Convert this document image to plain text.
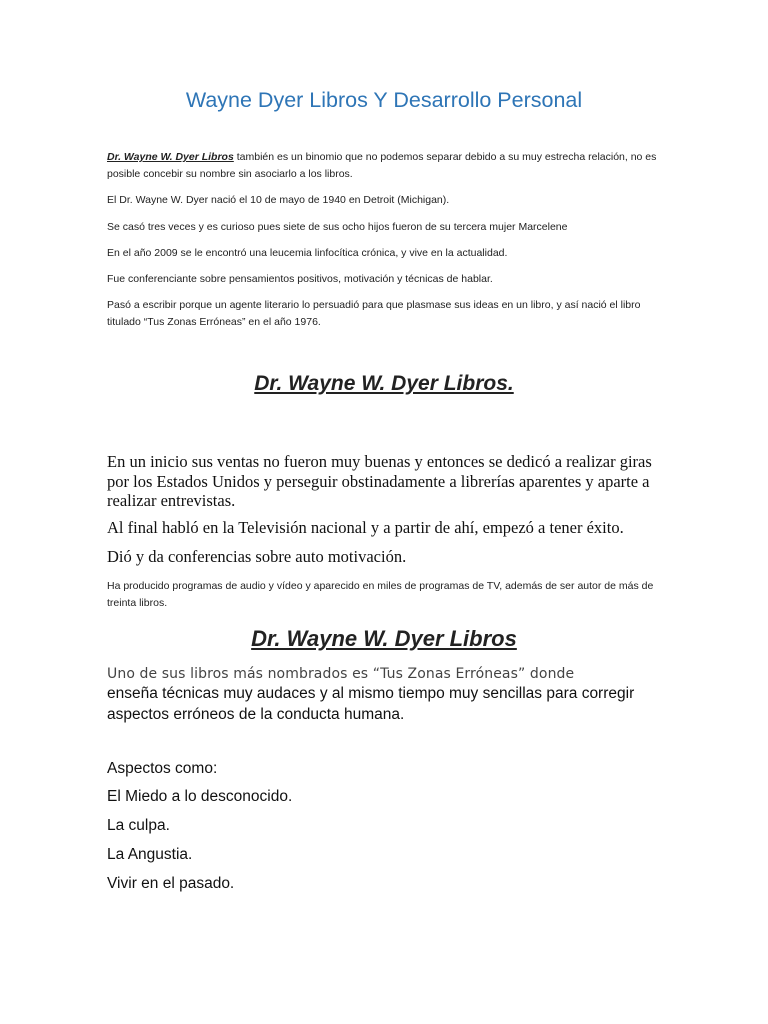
Wayne Dyer Libros Y Desarrollo Personal

Dr. Wayne W. Dyer Libros también es un binomio que no podemos separar debido a su muy estrecha relación, no es posible concebir su nombre sin asociarlo a los libros.

El Dr. Wayne W. Dyer nació el 10 de mayo de 1940 en Detroit (Michigan).

Se casó tres veces y es curioso pues siete de sus ocho hijos fueron de su tercera mujer Marcelene

En el año 2009 se le encontró una leucemia linfocítica crónica, y vive en la actualidad.

Fue conferenciante sobre pensamientos positivos, motivación y técnicas de hablar.

Pasó a escribir porque un agente literario lo persuadió para que plasmase sus ideas en un libro, y así nació el libro titulado “Tus Zonas Erróneas” en el año 1976.

Dr. Wayne W. Dyer Libros.

En un inicio sus ventas no fueron muy buenas y entonces se dedicó a realizar giras por los Estados Unidos y perseguir obstinadamente a librerías aparentes y aparte a realizar entrevistas.

Al final habló en la Televisión nacional y a partir de ahí, empezó a tener éxito.

Dió y da conferencias sobre auto motivación.

Ha producido programas de audio y vídeo y aparecido en miles de programas de TV, además de ser autor de más de treinta libros.

Dr. Wayne W. Dyer Libros

Uno de sus libros más nombrados es “Tus Zonas Erróneas” donde

enseña técnicas muy audaces y al mismo tiempo muy sencillas para corregir aspectos erróneos de la conducta humana.

Aspectos como:

El Miedo a lo desconocido.

La culpa.

La Angustia.

Vivir en el pasado.
